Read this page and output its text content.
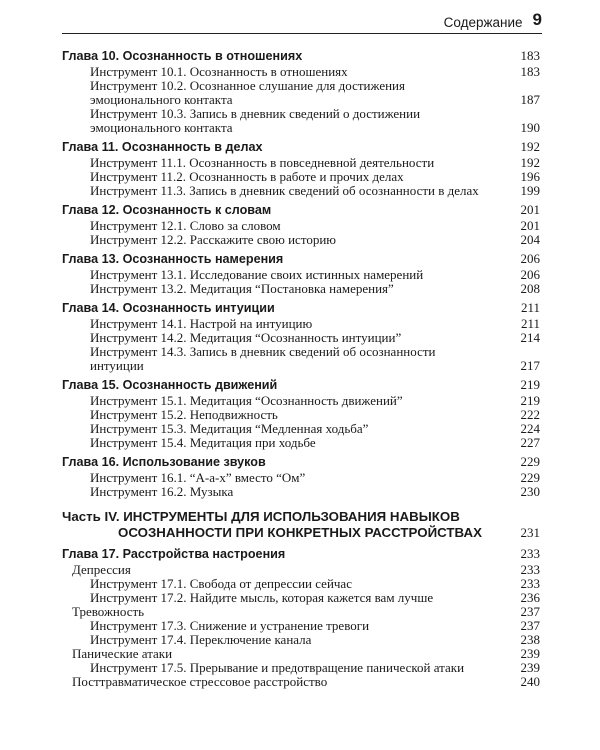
Содержание 9
Глава 10. Осознанность в отношениях	183
Инструмент 10.1. Осознанность в отношениях	183
Инструмент 10.2. Осознанное слушание для достижения
эмоционального контакта	187
Инструмент 10.3. Запись в дневник сведений о достижении
эмоционального контакта	190
Глава 11. Осознанность в делах	192
Инструмент 11.1. Осознанность в повседневной деятельности	192
Инструмент 11.2. Осознанность в работе и прочих делах	196
Инструмент 11.3. Запись в дневник сведений об осознанности в делах	199
Глава 12. Осознанность к словам	201
Инструмент 12.1. Слово за словом	201
Инструмент 12.2. Расскажите свою историю	204
Глава 13. Осознанность намерения	206
Инструмент 13.1. Исследование своих истинных намерений	206
Инструмент 13.2. Медитация “Постановка намерения”	208
Глава 14. Осознанность интуиции	211
Инструмент 14.1. Настрой на интуицию	211
Инструмент 14.2. Медитация “Осознанность интуиции”	214
Инструмент 14.3. Запись в дневник сведений об осознанности
интуиции	217
Глава 15. Осознанность движений	219
Инструмент 15.1. Медитация “Осознанность движений”	219
Инструмент 15.2. Неподвижность	222
Инструмент 15.3. Медитация “Медленная ходьба”	224
Инструмент 15.4. Медитация при ходьбе	227
Глава 16. Использование звуков	229
Инструмент 16.1. “А-а-х” вместо “Ом”	229
Инструмент 16.2. Музыка	230
Часть IV. ИНСТРУМЕНТЫ ДЛЯ ИСПОЛЬЗОВАНИЯ НАВЫКОВ
ОСОЗНАННОСТИ ПРИ КОНКРЕТНЫХ РАССТРОЙСТВАХ	231
Глава 17. Расстройства настроения	233
Депрессия	233
Инструмент 17.1. Свобода от депрессии сейчас	233
Инструмент 17.2. Найдите мысль, которая кажется вам лучше	236
Тревожность	237
Инструмент 17.3. Снижение и устранение тревоги	237
Инструмент 17.4. Переключение канала	238
Панические атаки	239
Инструмент 17.5. Прерывание и предотвращение панической атаки	239
Посттравматическое стрессовое расстройство	240
